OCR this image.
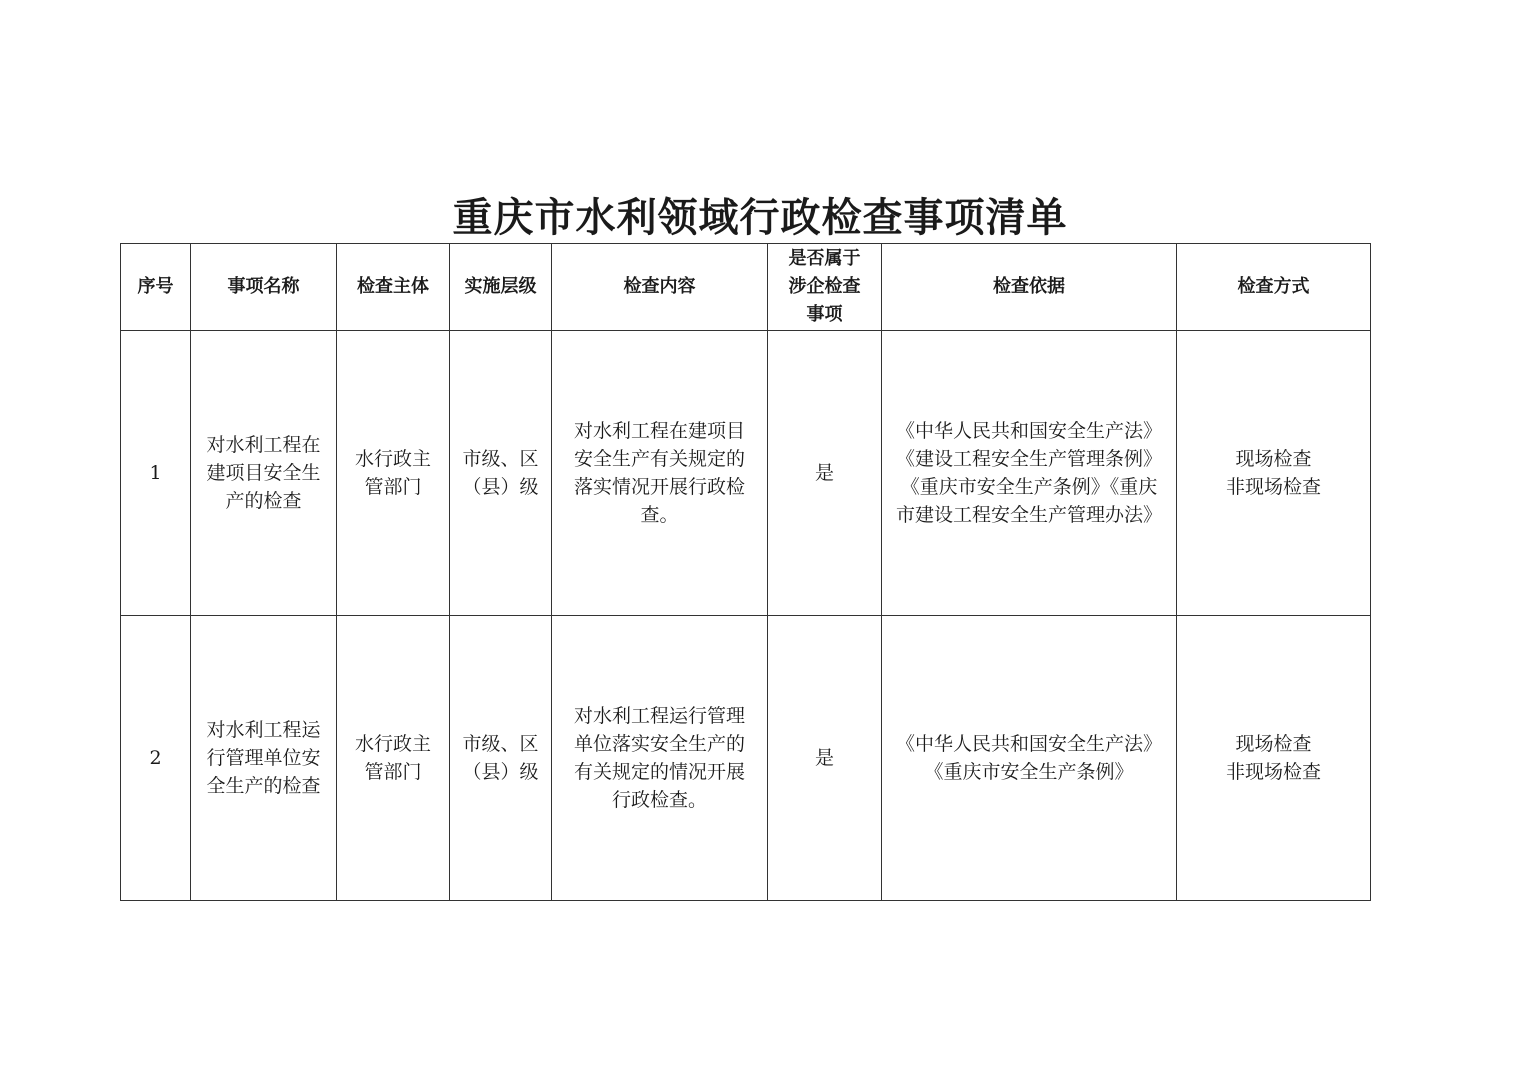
重庆市水利领域行政检查事项清单
序号	事项名称	检查主体	实施层级	检查内容	是否属于
涉企检查
事项	检查依据	检查方式
1	对水利工程在
建项目安全生
产的检查	水行政主
管部门	市级、区
（县）级	对水利工程在建项目
安全生产有关规定的
落实情况开展行政检
查。	是	《中华人民共和国安全生产法》
《建设工程安全生产管理条例》
《重庆市安全生产条例》《重庆
市建设工程安全生产管理办法》	现场检查
非现场检查

2	对水利工程运
行管理单位安
全生产的检查	水行政主
管部门	市级、区
（县）级	对水利工程运行管理
单位落实安全生产的
有关规定的情况开展
行政检查。	是	《中华人民共和国安全生产法》
《重庆市安全生产条例》	现场检查
非现场检查
